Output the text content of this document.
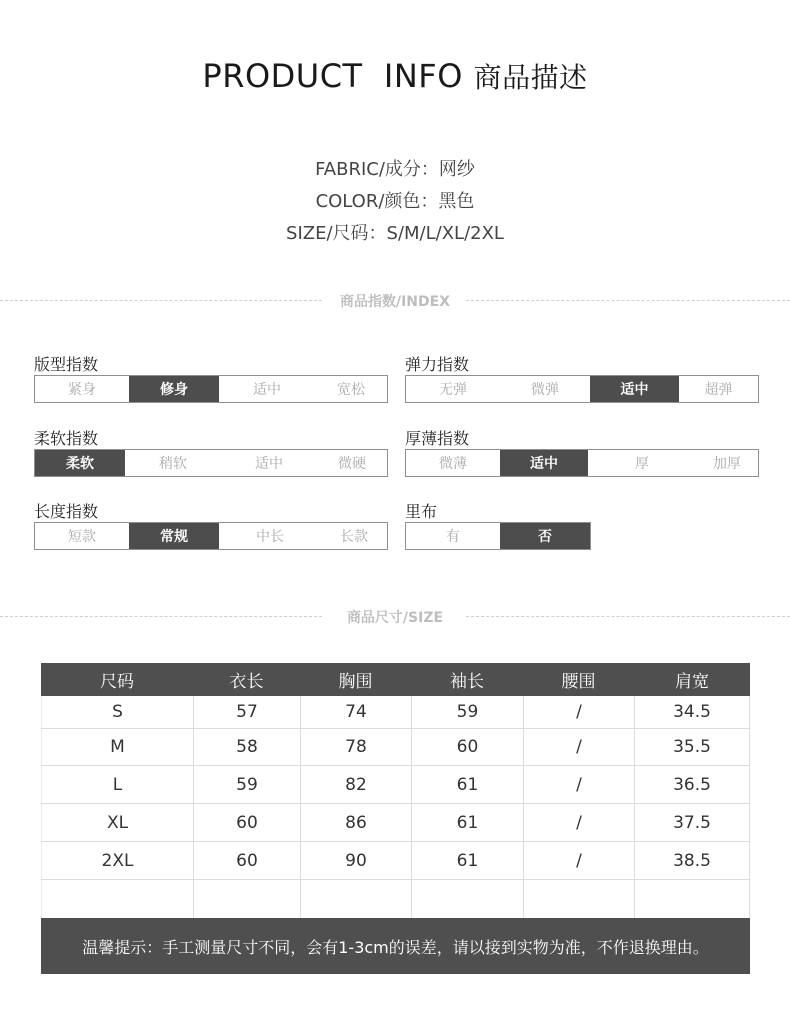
PRODUCT  INFO 商品描述
FABRIC/成分：网纱
COLOR/颜色：黑色
SIZE/尺码：S/M/L/XL/2XL
商品指数/INDEX
版型指数
紧身	修身	适中	宽松
弹力指数
无弹	微弹	适中	超弹
柔软指数
柔软	稍软	适中	微硬
厚薄指数
微薄	适中	厚	加厚
长度指数
短款	常规	中长	长款
里布
有	否
商品尺寸/SIZE
尺码	衣长	胸围	袖长	腰围	肩宽
S	57	74	59	/	34.5
M	58	78	60	/	35.5
L	59	82	61	/	36.5
XL	60	86	61	/	37.5
2XL	60	90	61	/	38.5
温馨提示：手工测量尺寸不同，会有1-3cm的误差，请以接到实物为准，不作退换理由。
